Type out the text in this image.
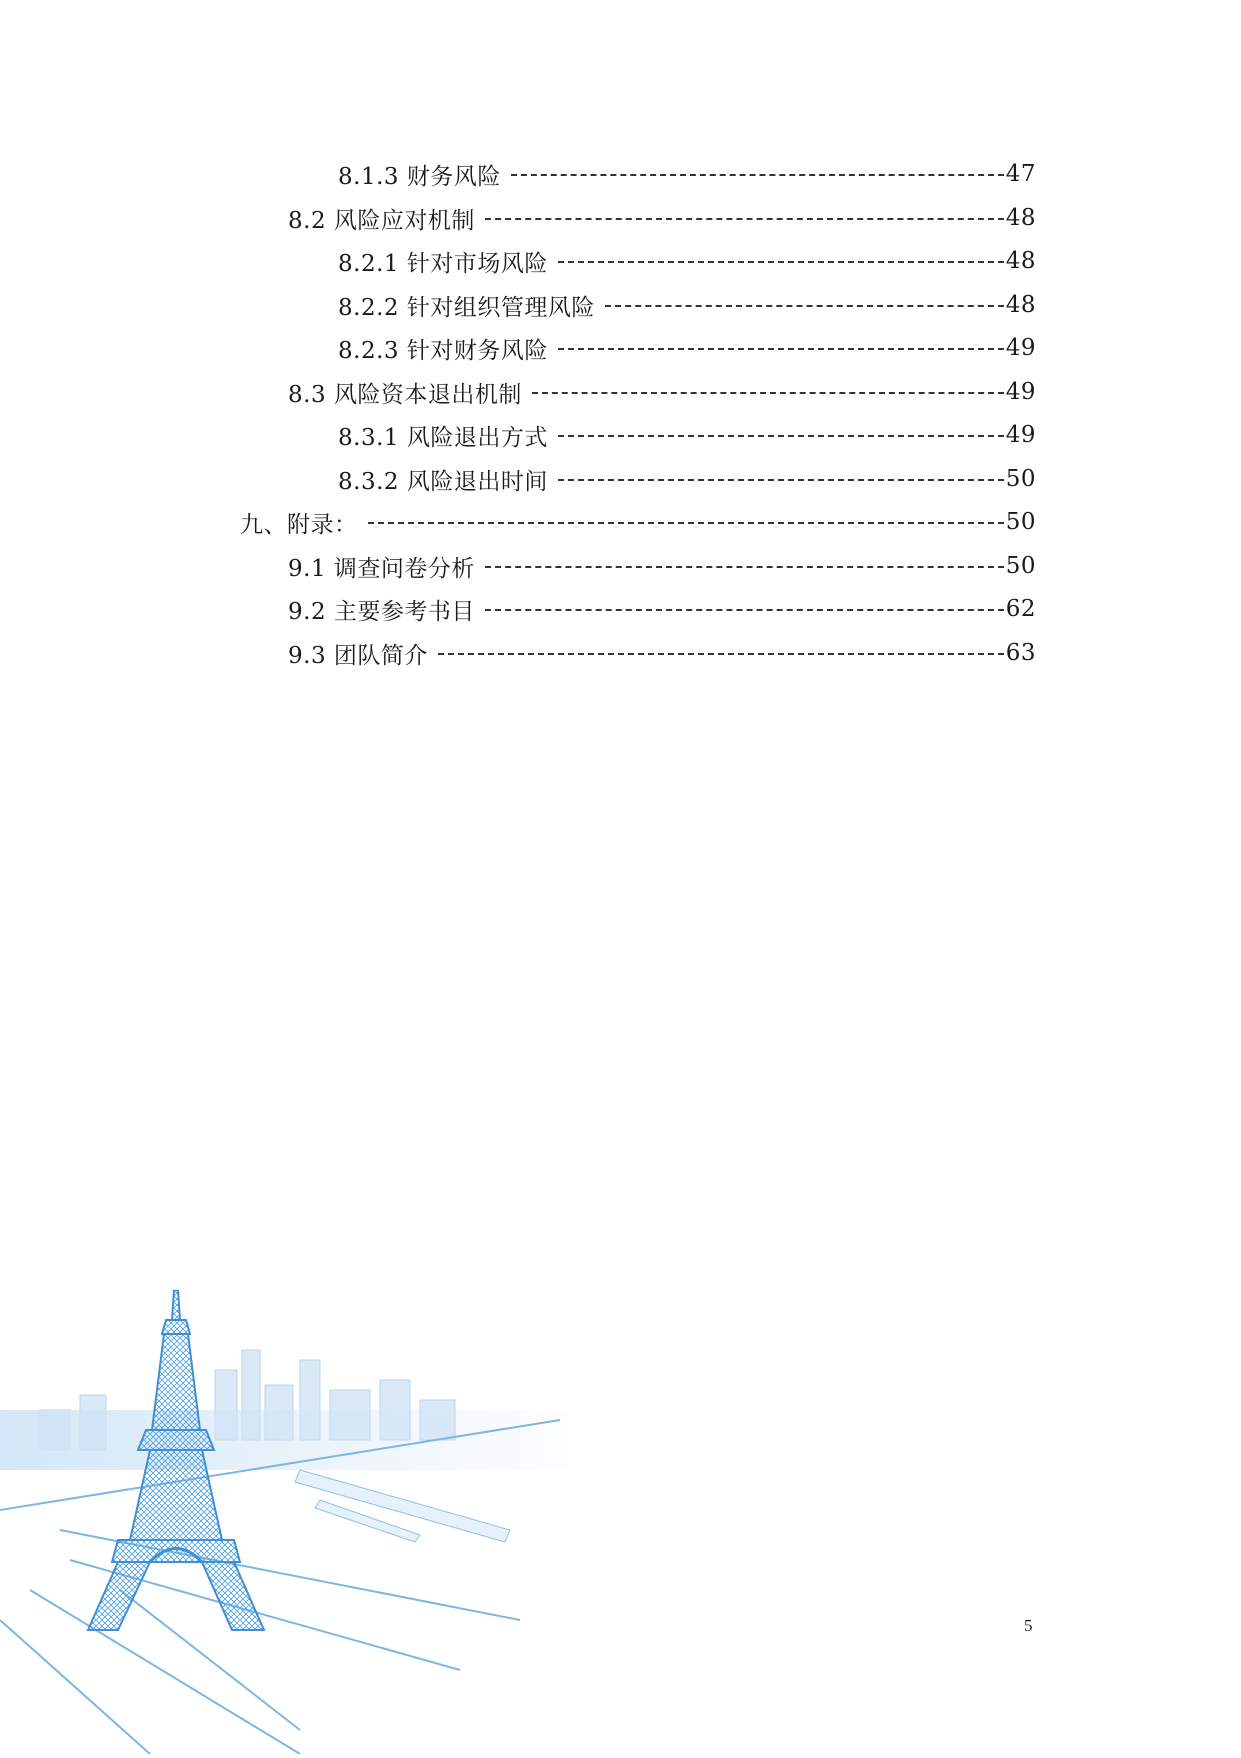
8.1.3 财务风险	47
8.2 风险应对机制	48
8.2.1 针对市场风险	48
8.2.2 针对组织管理风险	48
8.2.3 针对财务风险	49
8.3 风险资本退出机制	49
8.3.1 风险退出方式	49
8.3.2 风险退出时间	50
九、附录：	50
9.1 调查问卷分析	50
9.2 主要参考书目	62
9.3 团队简介	63
5
